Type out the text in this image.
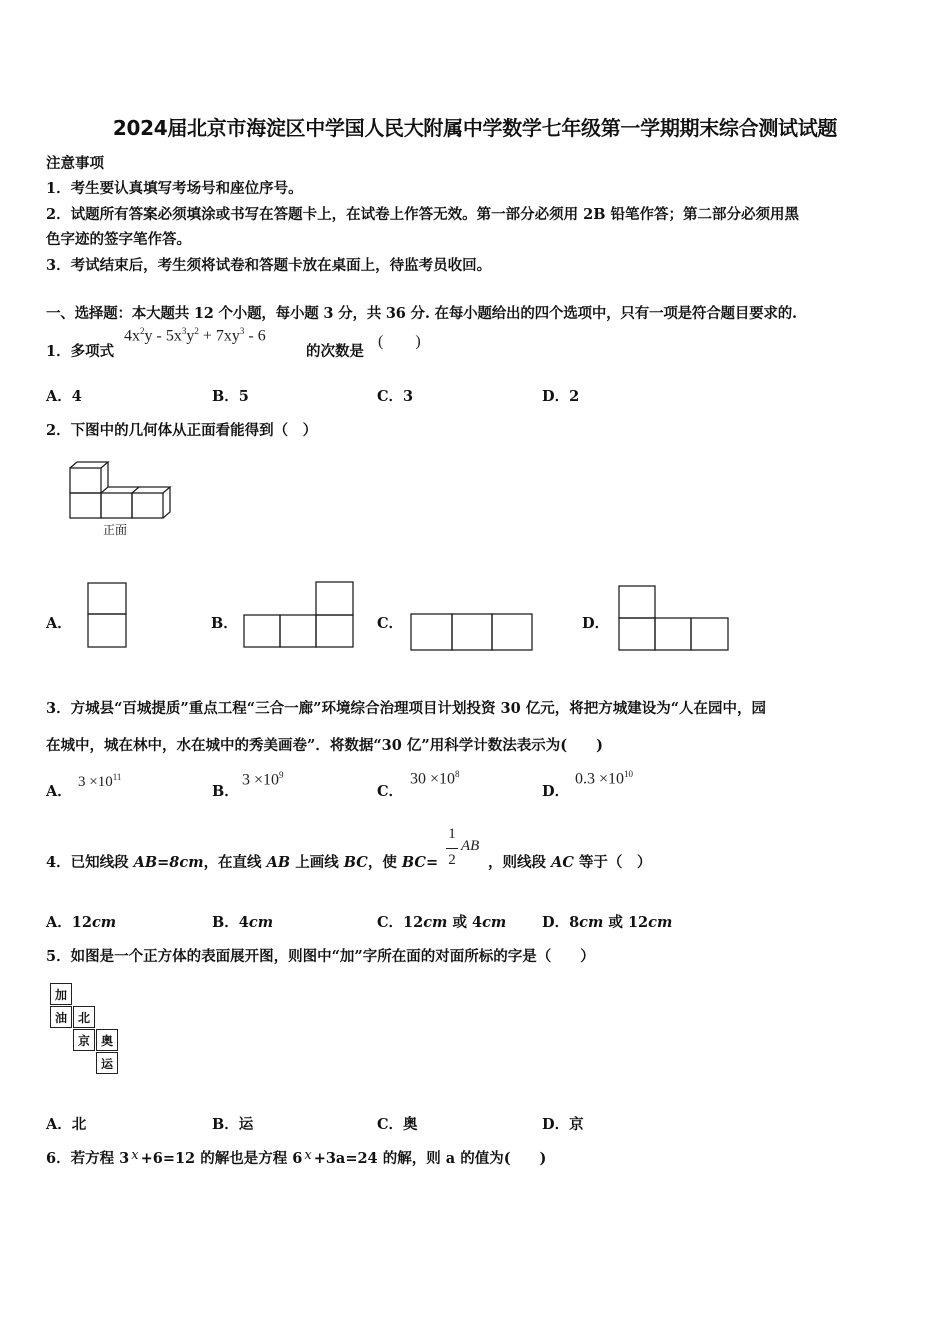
2024届北京市海淀区中学国人民大附属中学数学七年级第一学期期末综合测试试题
注意事项
1．考生要认真填写考场号和座位序号。
2．试题所有答案必须填涂或书写在答题卡上，在试卷上作答无效。第一部分必须用 2B 铅笔作答；第二部分必须用黑
色字迹的签字笔作答。
3．考试结束后，考生须将试卷和答题卡放在桌面上，待监考员收回。
一、选择题：本大题共 12 个小题，每小题 3 分，共 36 分. 在每小题给出的四个选项中，只有一项是符合题目要求的.
1．多项式
$4x^2y - 5x^3y^2 + 7xy^3 - 6$
的次数是
(　　)
A．4	B．5	C．3	D．2
2．下图中的几何体从正面看能得到（　）
正面
A．	B．	C．	D．
3．方城县“百城提质”重点工程“三合一廊”环境综合治理项目计划投资 30 亿元，将把方城建设为“人在园中，园
在城中，城在林中，水在城中的秀美画卷”．将数据“30 亿”用科学计数法表示为(　　)
A．
$3 \times 10^{11}$
B．
$3 \times 10^9$
C．
$30 \times 10^8$
D．
$0.3 \times 10^{10}$
4．已知线段 AB=8cm，在直线 AB 上画线 BC，使 BC=
1
2
AB
，则线段 AC 等于（　）
A．12cm	B．4cm	C．12cm 或 4cm D．8cm 或 12cm
5．如图是一个正方体的表面展开图，则图中“加”字所在面的对面所标的字是（　　）
加
油 北
京 奥
运
A．北	B．运	C．奥	D．京
6．若方程 3 x +6=12 的解也是方程 6 x +3a=24 的解，则 a 的值为(　　)
